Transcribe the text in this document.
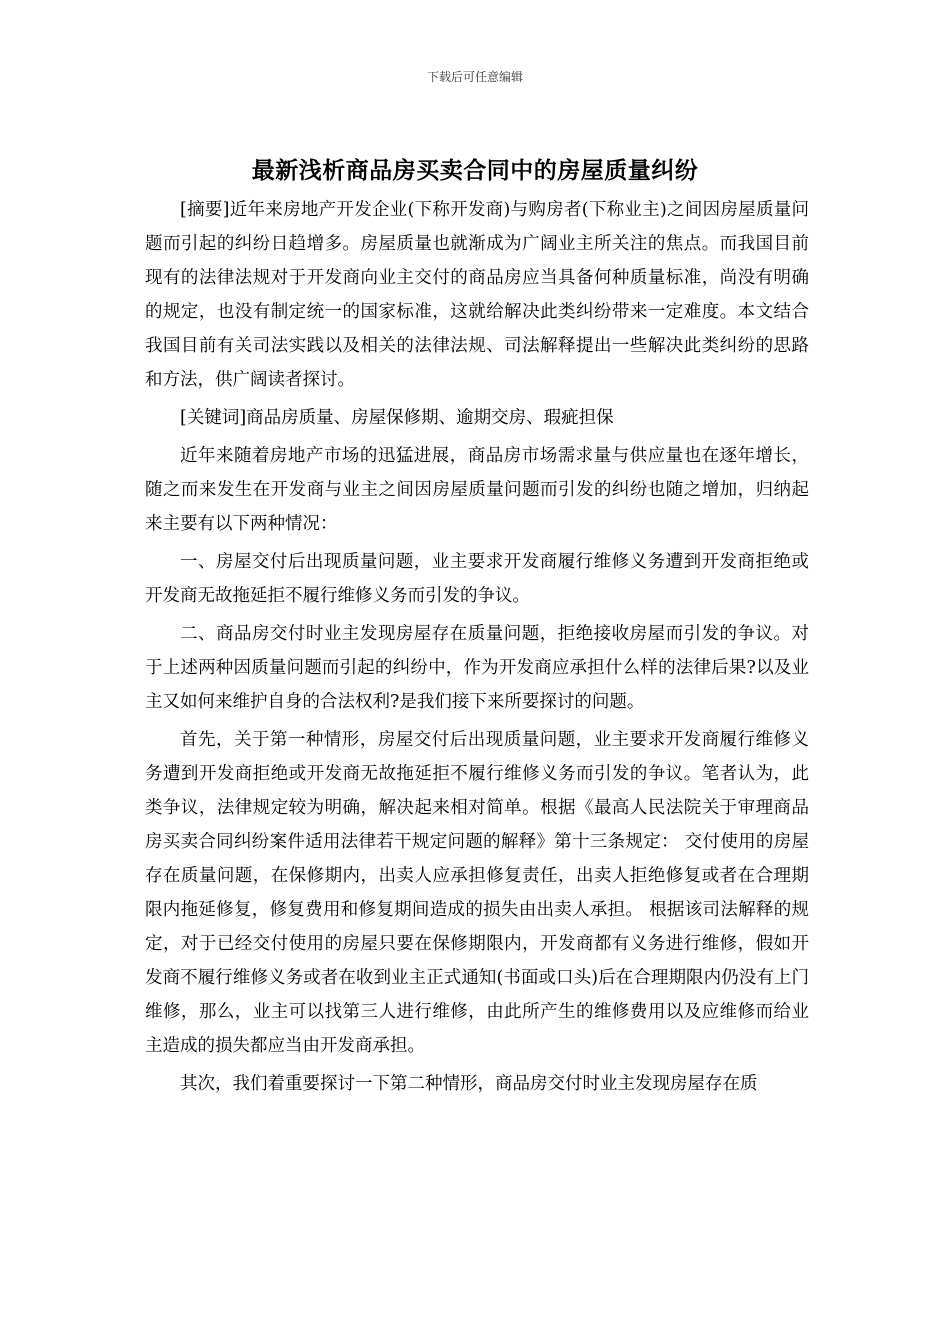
下载后可任意编辑
最新浅析商品房买卖合同中的房屋质量纠纷

[摘要]近年来房地产开发企业(下称开发商)与购房者(下称业主)之间因房屋质量问题而引起的纠纷日趋增多。房屋质量也就渐成为广阔业主所关注的焦点。而我国目前现有的法律法规对于开发商向业主交付的商品房应当具备何种质量标准，尚没有明确的规定，也没有制定统一的国家标准，这就给解决此类纠纷带来一定难度。本文结合我国目前有关司法实践以及相关的法律法规、司法解释提出一些解决此类纠纷的思路和方法，供广阔读者探讨。

[关键词]商品房质量、房屋保修期、逾期交房、瑕疵担保

近年来随着房地产市场的迅猛进展，商品房市场需求量与供应量也在逐年增长，随之而来发生在开发商与业主之间因房屋质量问题而引发的纠纷也随之增加，归纳起来主要有以下两种情况：

一、房屋交付后出现质量问题，业主要求开发商履行维修义务遭到开发商拒绝或开发商无故拖延拒不履行维修义务而引发的争议。

二、商品房交付时业主发现房屋存在质量问题，拒绝接收房屋而引发的争议。对于上述两种因质量问题而引起的纠纷中，作为开发商应承担什么样的法律后果?以及业主又如何来维护自身的合法权利?是我们接下来所要探讨的问题。

首先，关于第一种情形，房屋交付后出现质量问题，业主要求开发商履行维修义务遭到开发商拒绝或开发商无故拖延拒不履行维修义务而引发的争议。笔者认为，此类争议，法律规定较为明确，解决起来相对简单。根据《最高人民法院关于审理商品房买卖合同纠纷案件适用法律若干规定问题的解释》第十三条规定： 交付使用的房屋存在质量问题，在保修期内，出卖人应承担修复责任，出卖人拒绝修复或者在合理期限内拖延修复，修复费用和修复期间造成的损失由出卖人承担。 根据该司法解释的规定，对于已经交付使用的房屋只要在保修期限内，开发商都有义务进行维修，假如开发商不履行维修义务或者在收到业主正式通知(书面或口头)后在合理期限内仍没有上门维修，那么，业主可以找第三人进行维修，由此所产生的维修费用以及应维修而给业主造成的损失都应当由开发商承担。

其次，我们着重要探讨一下第二种情形，商品房交付时业主发现房屋存在质
